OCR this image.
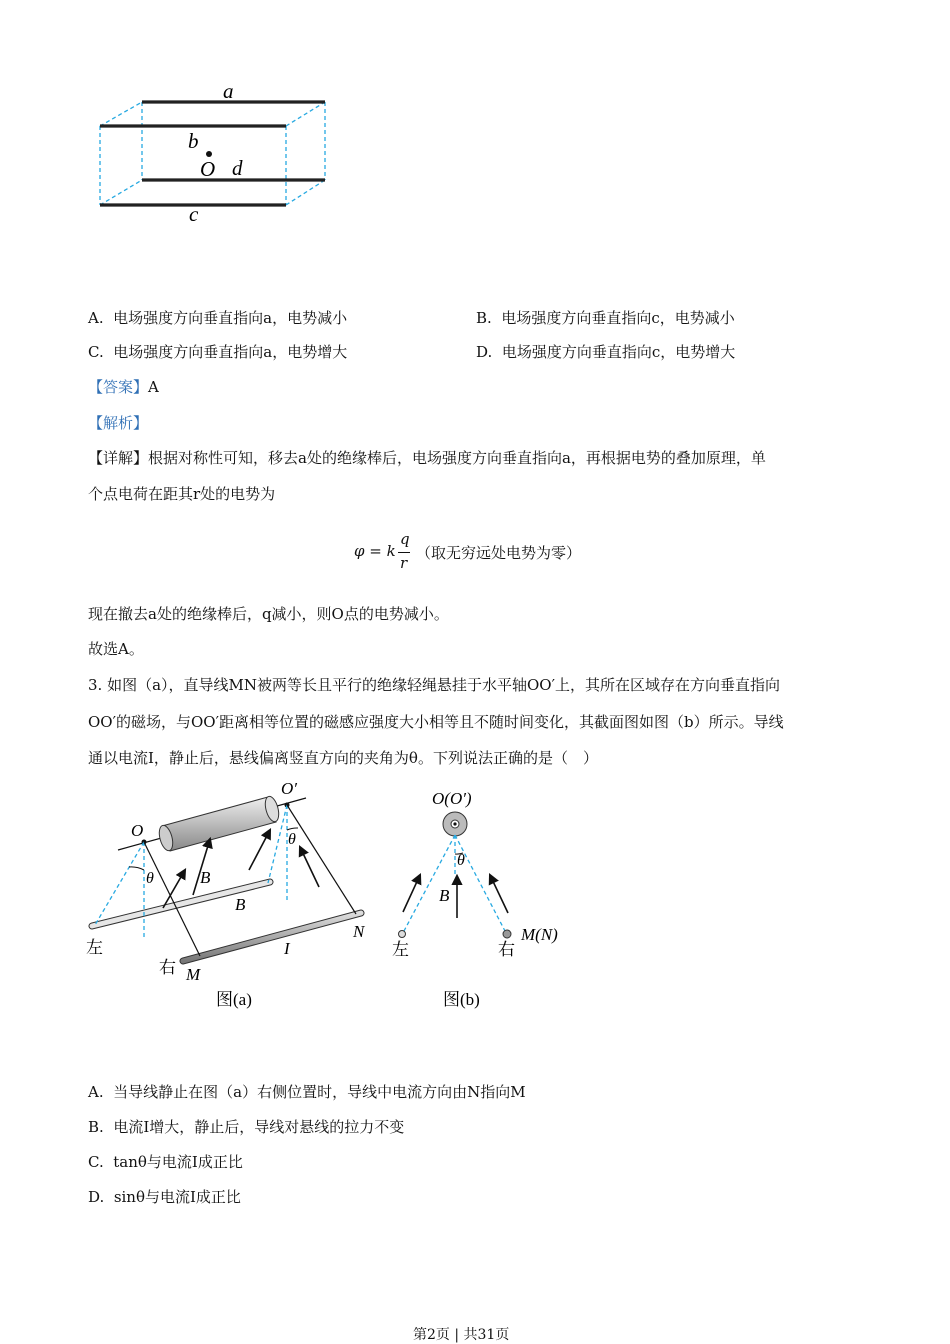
a
b
O d
c
A. 电场强度方向垂直指向a，电势减小	B. 电场强度方向垂直指向c，电势减小
C. 电场强度方向垂直指向a，电势增大	D. 电场强度方向垂直指向c，电势增大
【答案】A
【解析】
【详解】根据对称性可知，移去a处的绝缘棒后，电场强度方向垂直指向a，再根据电势的叠加原理，单
个点电荷在距其r处的电势为
φ = k
q
r
（取无穷远处电势为零）
现在撤去a处的绝缘棒后，q减小，则O点的电势减小。
故选A。
3. 如图（a），直导线MN被两等长且平行的绝缘轻绳悬挂于水平轴OO′上，其所在区域存在方向垂直指向
OO′的磁场，与OO′距离相等位置的磁感应强度大小相等且不随时间变化，其截面图如图（b）所示。导线
通以电流I，静止后，悬线偏离竖直方向的夹角为θ。下列说法正确的是（　）
O
O′
θ
θ
B
B
左
右 M
I
N
图(a)
O(O′)
θ
B
左	右
M(N)
图(b)
A. 当导线静止在图（a）右侧位置时，导线中电流方向由N指向M
B. 电流I增大，静止后，导线对悬线的拉力不变
C. tanθ与电流I成正比
D. sinθ与电流I成正比
第2页 | 共31页
